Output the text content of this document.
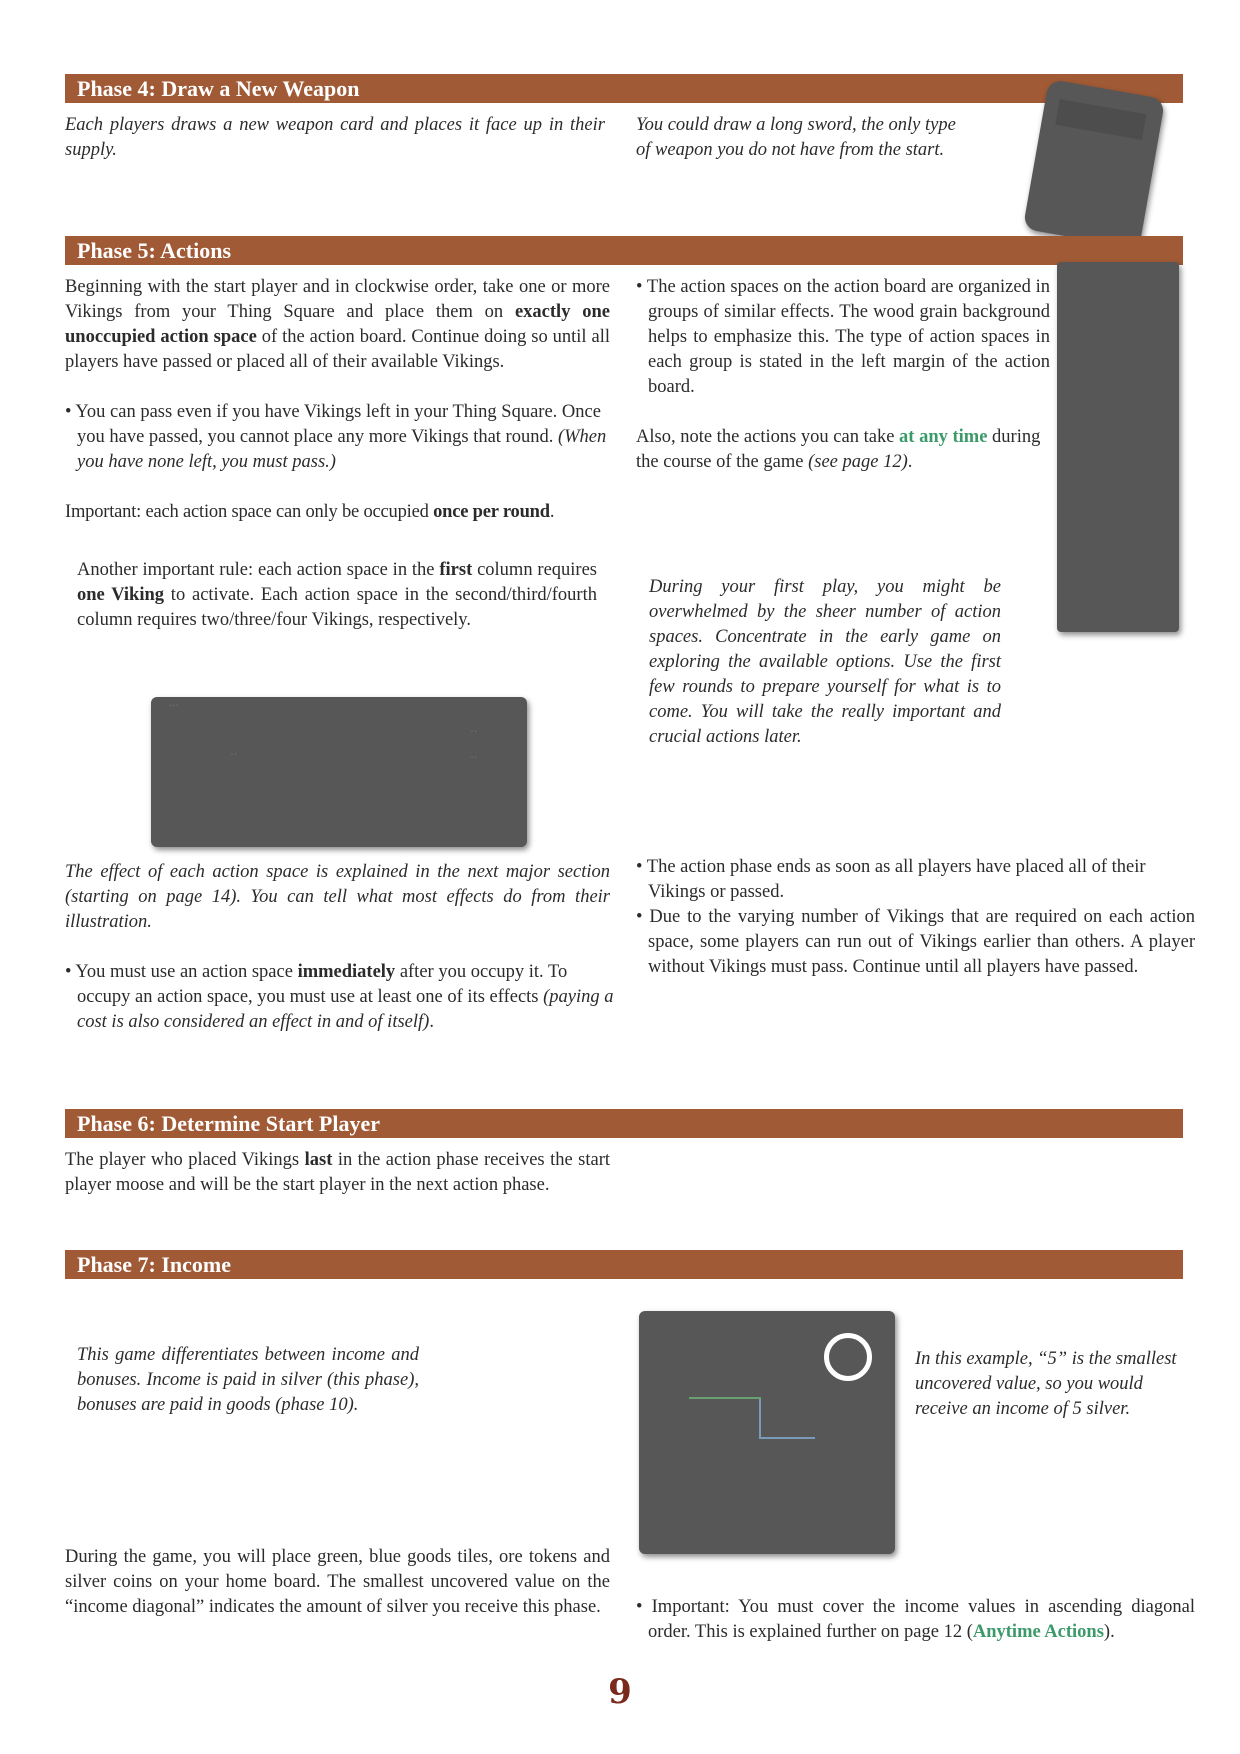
Phase 4: Draw a New Weapon

Each players draws a new weapon card and places it face up in their supply.

You could draw a long sword, the only type of weapon you do not have from the start.

Phase 5: Actions

Beginning with the start player and in clockwise order, take one or more Vikings from your Thing Square and place them on exactly one unoccupied action space of the action board. Continue doing so until all players have passed or placed all of their available Vikings.

• You can pass even if you have Vikings left in your Thing Square. Once you have passed, you cannot place any more Vikings that round. (When you have none left, you must pass.)

Important: each action space can only be occupied once per round.

Another important rule: each action space in the first column requires one Viking to activate. Each action space in the second/third/fourth column requires two/three/four Vikings, respectively.

· · ·
· ·
· ·
· ·

• The action spaces on the action board are organized in groups of similar effects. The wood grain background helps to emphasize this. The type of action spaces in each group is stated in the left margin of the action board.

Also, note the actions you can take at any time during the course of the game (see page 12).

During your first play, you might be overwhelmed by the sheer number of action spaces. Concentrate in the early game on exploring the available options. Use the first few rounds to prepare yourself for what is to come. You will take the really important and crucial actions later.

The effect of each action space is explained in the next major section (starting on page 14). You can tell what most effects do from their illustration.

• You must use an action space immediately after you occupy it. To occupy an action space, you must use at least one of its effects (paying a cost is also considered an effect in and of itself).

• The action phase ends as soon as all players have placed all of their Vikings or passed.

• Due to the varying number of Vikings that are required on each action space, some players can run out of Vikings earlier than others. A player without Vikings must pass. Continue until all players have passed.

Phase 6: Determine Start Player

The player who placed Vikings last in the action phase receives the start player moose and will be the start player in the next action phase.

Phase 7: Income

This game differentiates between income and bonuses. Income is paid in silver (this phase), bonuses are paid in goods (phase 10).

In this example, “5” is the smallest uncovered value, so you would receive an income of 5 silver.

During the game, you will place green, blue goods tiles, ore tokens and silver coins on your home board. The smallest uncovered value on the “income diagonal” indicates the amount of silver you receive this phase.	• Important: You must cover the income values in ascending diagonal order. This is explained further on page 12 (Anytime Actions).

9
